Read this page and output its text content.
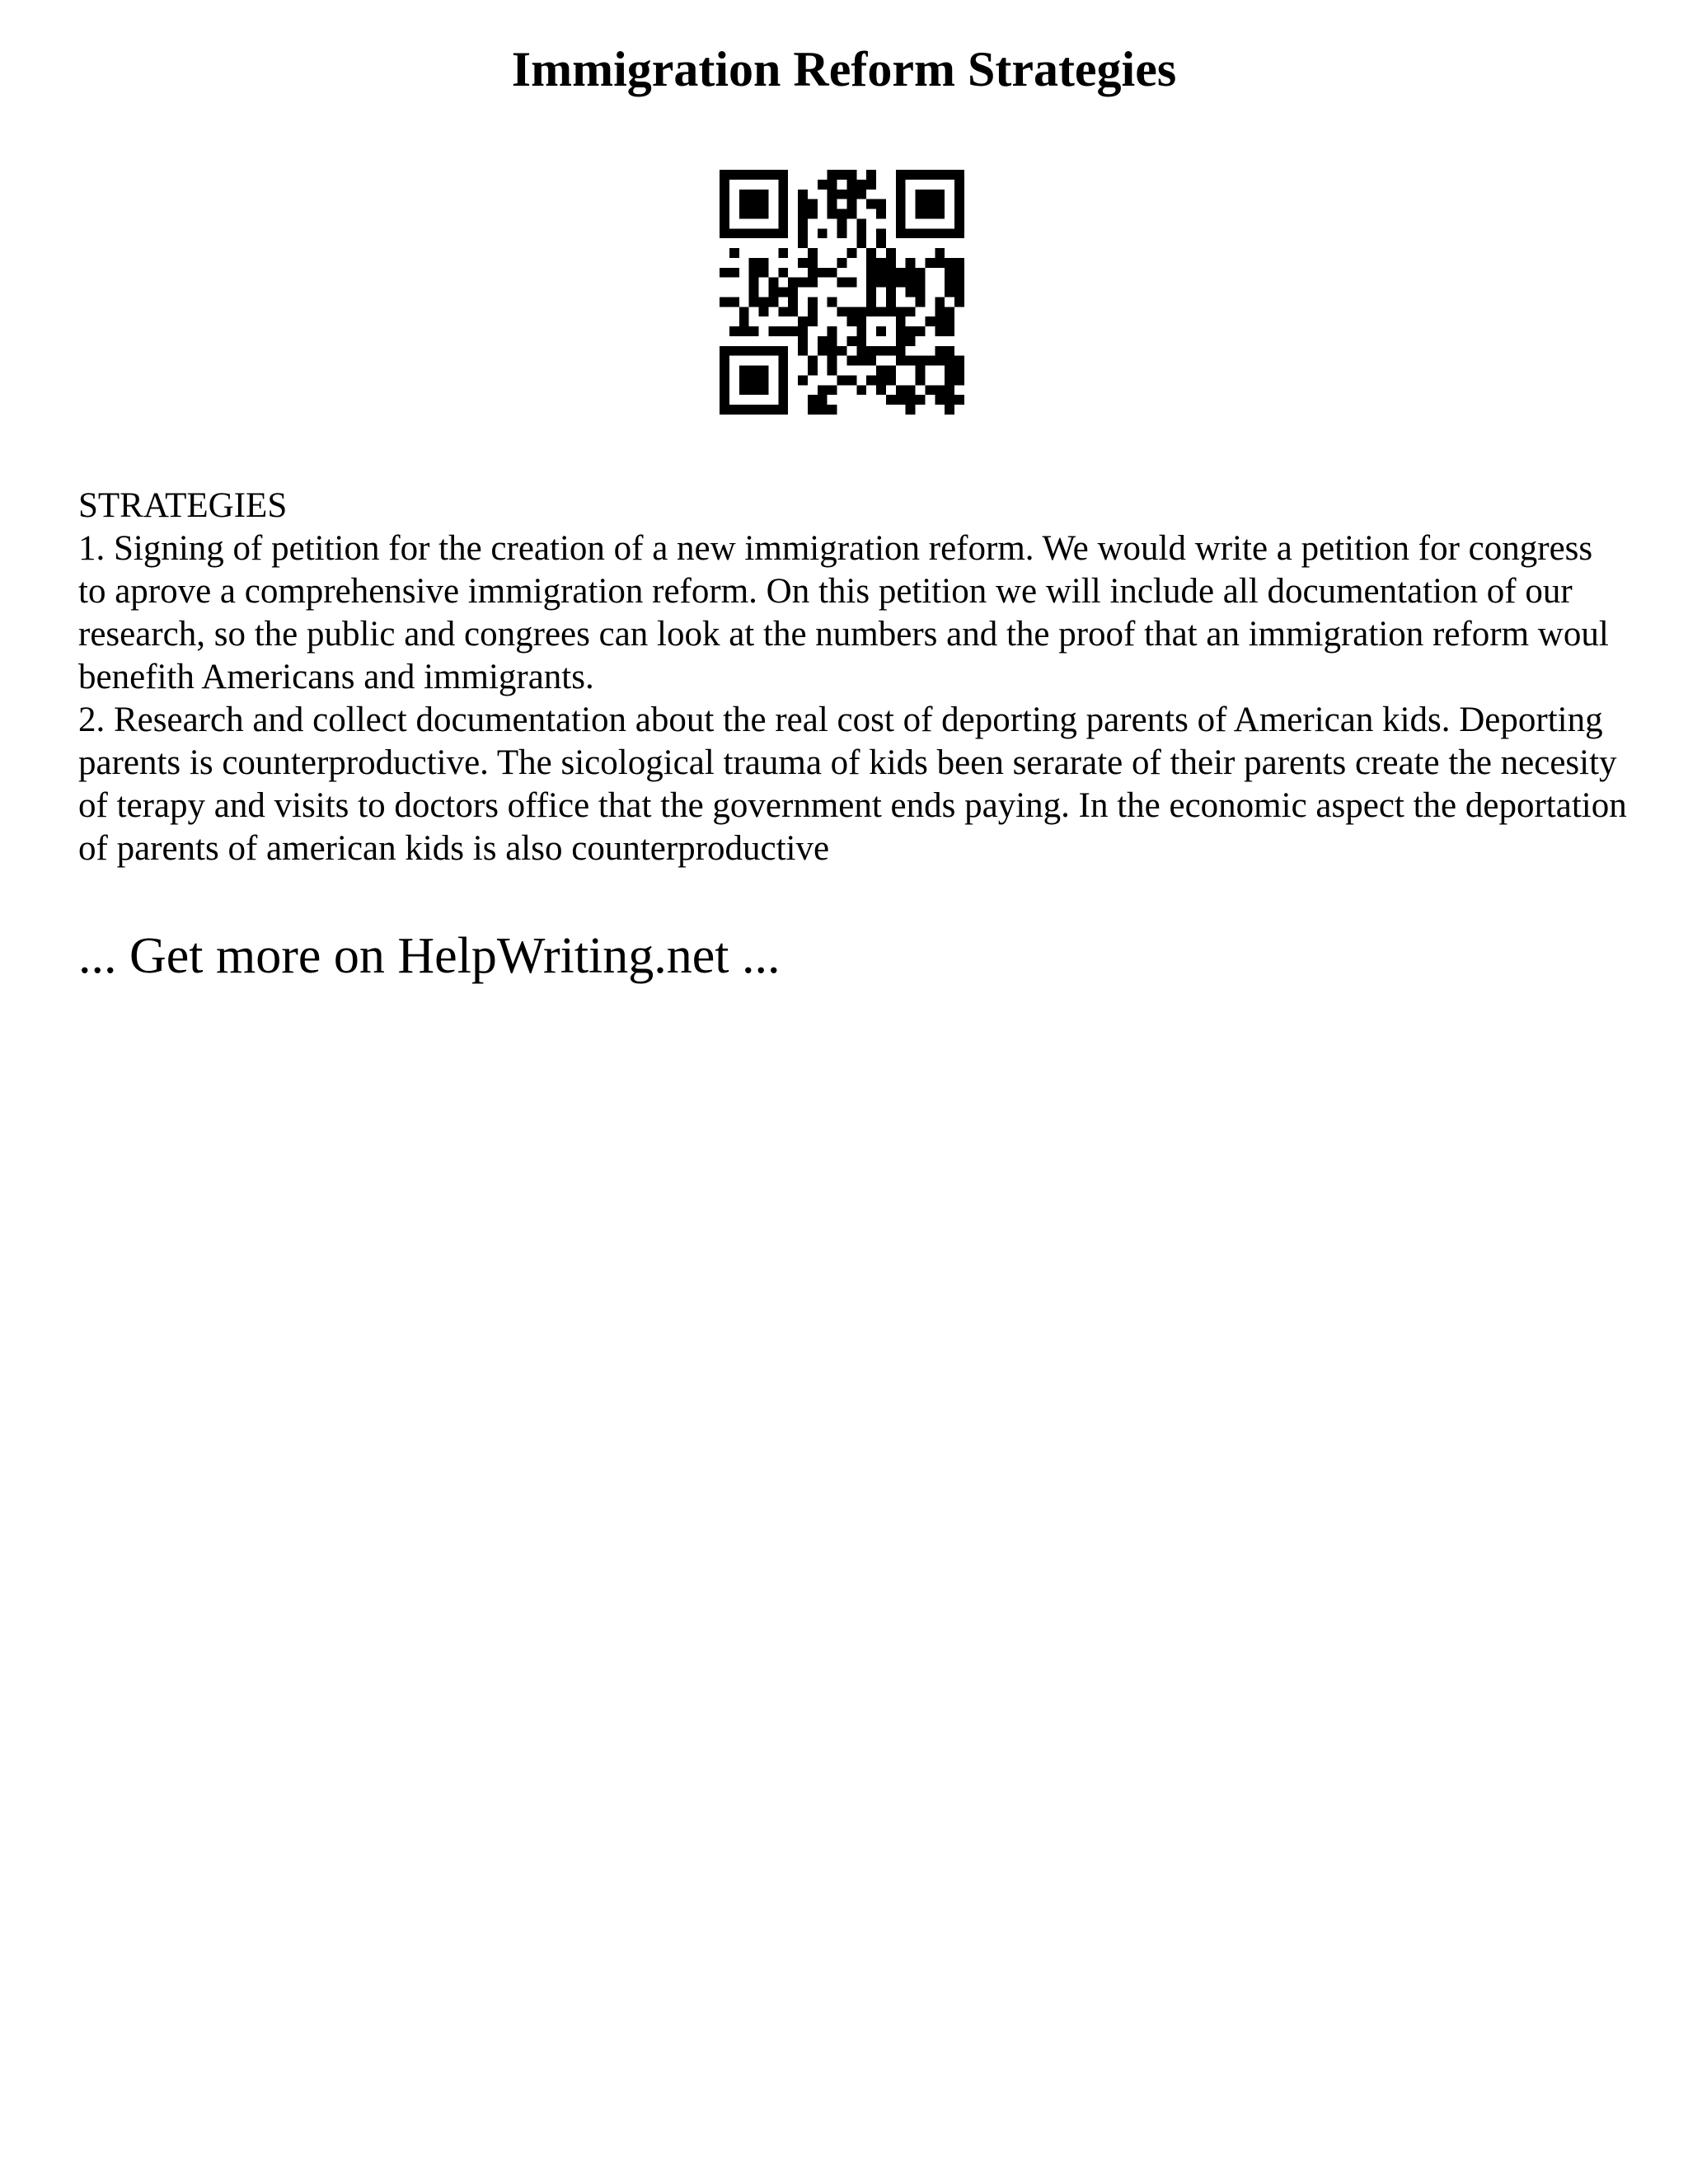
Immigration Reform Strategies
STRATEGIES
1. Signing of petition for the creation of a new immigration reform. We would write a petition for congress to aprove a comprehensive immigration reform. On this petition we will include all documentation of our research, so the public and congrees can look at the numbers and the proof that an immigration reform woul benefith Americans and immigrants.
2. Research and collect documentation about the real cost of deporting parents of American kids. Deporting parents is counterproductive. The sicological trauma of kids been serarate of their parents create the necesity of terapy and visits to doctors office that the government ends paying. In the economic aspect the deportation of parents of american kids is also counterproductive
... Get more on HelpWriting.net ...
